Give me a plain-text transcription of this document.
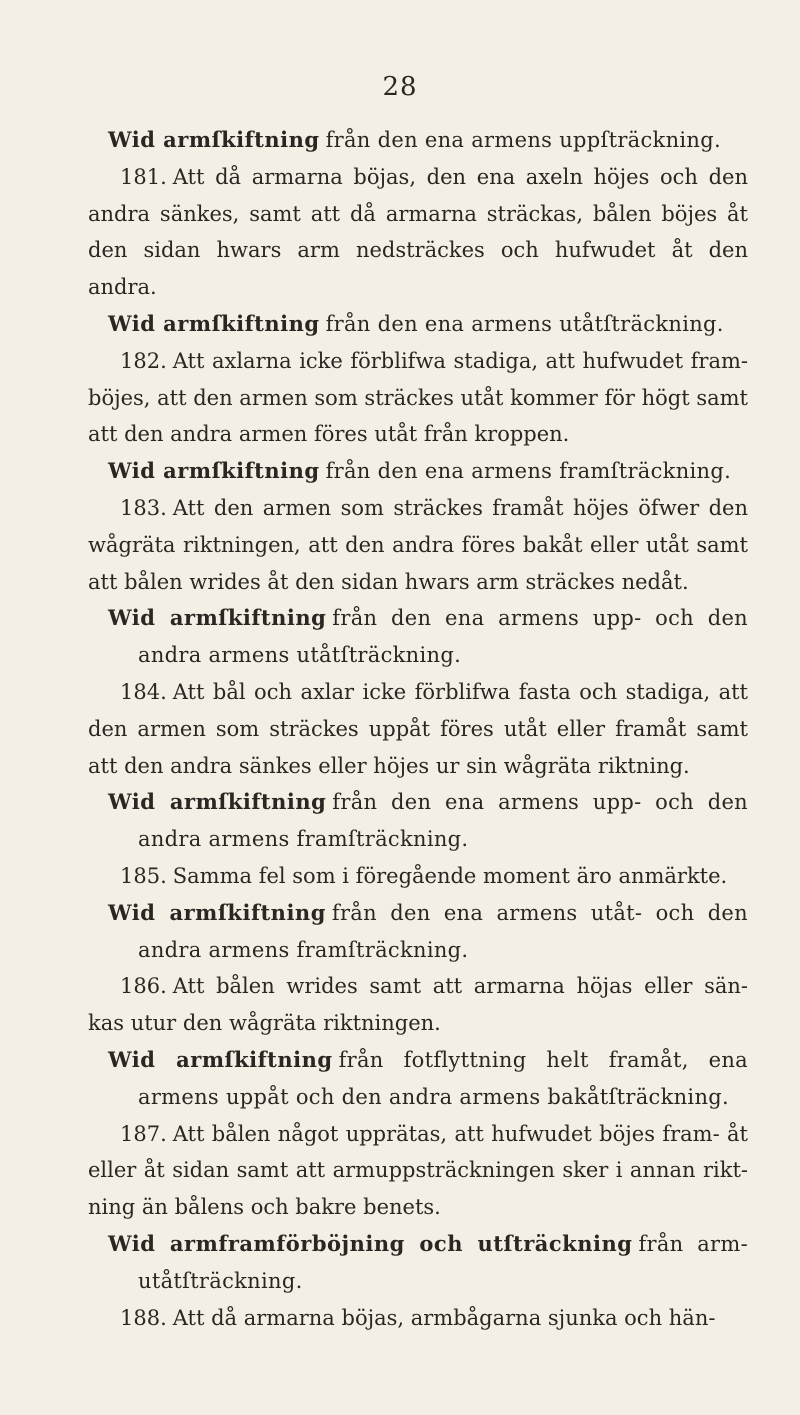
28

Wid armſkiftning från den ena armens uppſträckning.

181. Att då armarna böjas, den ena axeln höjes och den andra sänkes, samt att då armarna sträckas, bålen böjes åt den sidan hwars arm nedsträckes och hufwudet åt den andra.

Wid armſkiftning från den ena armens utåtſträckning.

182. Att axlarna icke förblifwa stadiga, att hufwudet fram- böjes, att den armen som sträckes utåt kommer för högt samt att den andra armen föres utåt från kroppen.

Wid armſkiftning från den ena armens framſträckning.

183. Att den armen som sträckes framåt höjes öfwer den wågräta riktningen, att den andra föres bakåt eller utåt samt att bålen wrides åt den sidan hwars arm sträckes nedåt.

Wid armſkiftning från den ena armens upp- och den andra armens utåtſträckning.

184. Att bål och axlar icke förblifwa fasta och stadiga, att den armen som sträckes uppåt föres utåt eller framåt samt att den andra sänkes eller höjes ur sin wågräta riktning.

Wid armſkiftning från den ena armens upp- och den andra armens framſträckning.

185. Samma fel som i föregående moment äro anmärkte.

Wid armſkiftning från den ena armens utåt- och den andra armens framſträckning.

186. Att bålen wrides samt att armarna höjas eller sän- kas utur den wågräta riktningen.

Wid armſkiftning från fotflyttning helt framåt, ena armens uppåt och den andra armens bakåtſträckning.

187. Att bålen något upprätas, att hufwudet böjes fram- åt eller åt sidan samt att armuppsträckningen sker i annan rikt- ning än bålens och bakre benets.

Wid armframförböjning och utſträckning från arm- utåtſträckning.

188. Att då armarna böjas, armbågarna sjunka och hän-
